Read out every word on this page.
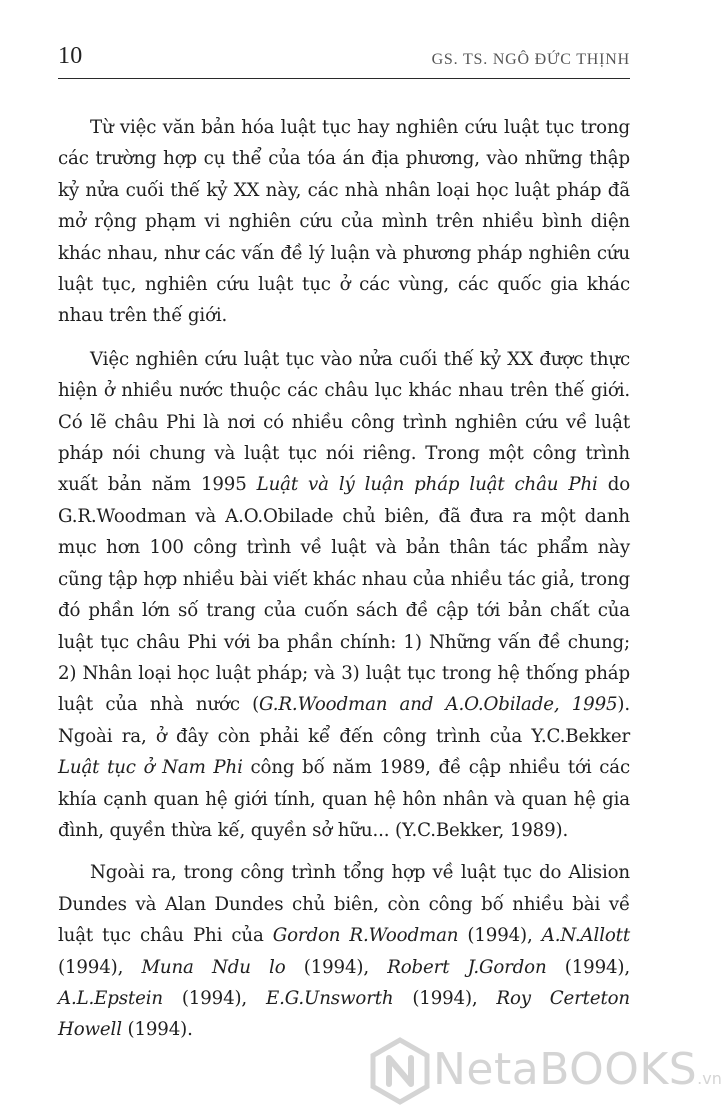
10	GS. TS. NGÔ ĐỨC THỊNH

Từ việc văn bản hóa luật tục hay nghiên cứu luật tục trong các trường hợp cụ thể của tóa án địa phương, vào những thập kỷ nửa cuối thế kỷ XX này, các nhà nhân loại học luật pháp đã mở rộng phạm vi nghiên cứu của mình trên nhiều bình diện khác nhau, như các vấn đề lý luận và phương pháp nghiên cứu luật tục, nghiên cứu luật tục ở các vùng, các quốc gia khác nhau trên thế giới.

Việc nghiên cứu luật tục vào nửa cuối thế kỷ XX được thực hiện ở nhiều nước thuộc các châu lục khác nhau trên thế giới. Có lẽ châu Phi là nơi có nhiều công trình nghiên cứu về luật pháp nói chung và luật tục nói riêng. Trong một công trình xuất bản năm 1995 Luật và lý luận pháp luật châu Phi do G.R.Woodman và A.O.Obilade chủ biên, đã đưa ra một danh mục hơn 100 công trình về luật và bản thân tác phẩm này cũng tập hợp nhiều bài viết khác nhau của nhiều tác giả, trong đó phần lớn số trang của cuốn sách đề cập tới bản chất của luật tục châu Phi với ba phần chính: 1) Những vấn đề chung; 2) Nhân loại học luật pháp; và 3) luật tục trong hệ thống pháp luật của nhà nước (G.R.Woodman and A.O.Obilade, 1995). Ngoài ra, ở đây còn phải kể đến công trình của Y.C.Bekker Luật tục ở Nam Phi công bố năm 1989, đề cập nhiều tới các khía cạnh quan hệ giới tính, quan hệ hôn nhân và quan hệ gia đình, quyền thừa kế, quyền sở hữu... (Y.C.Bekker, 1989).

Ngoài ra, trong công trình tổng hợp về luật tục do Alision Dundes và Alan Dundes chủ biên, còn công bố nhiều bài về luật tục châu Phi của Gordon R.Woodman (1994), A.N.Allott (1994), Muna Ndu lo (1994), Robert J.Gordon (1994), A.L.Epstein (1994), E.G.Unsworth (1994), Roy Certeton Howell (1994).

NetaBOOKS.vn
